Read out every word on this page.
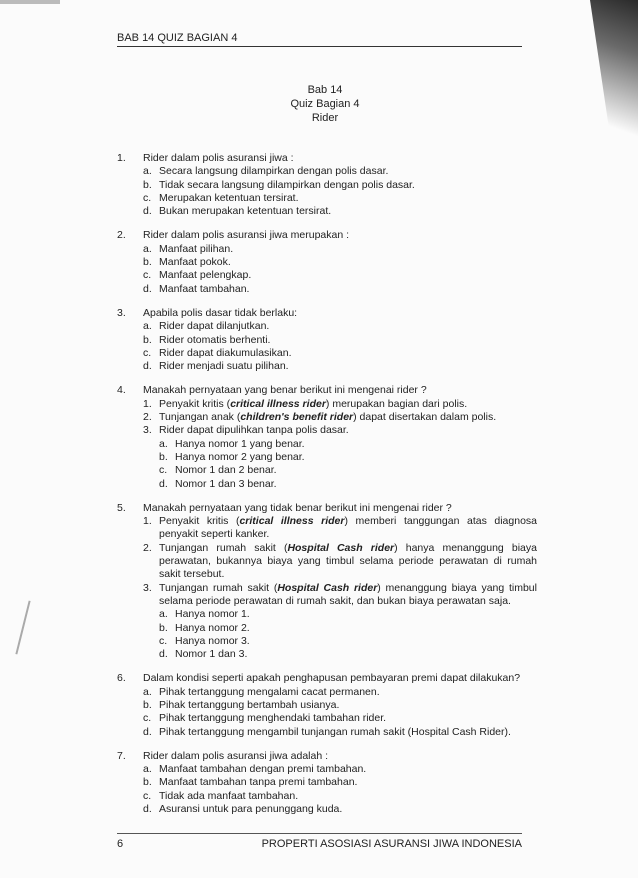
BAB 14 QUIZ BAGIAN 4
Bab 14
Quiz Bagian 4
Rider
1. Rider dalam polis asuransi jiwa :
a. Secara langsung dilampirkan dengan polis dasar.
b. Tidak secara langsung dilampirkan dengan polis dasar.
c. Merupakan ketentuan tersirat.
d. Bukan merupakan ketentuan tersirat.
2. Rider dalam polis asuransi jiwa merupakan :
a. Manfaat pilihan.
b. Manfaat pokok.
c. Manfaat pelengkap.
d. Manfaat tambahan.
3. Apabila polis dasar tidak berlaku:
a. Rider dapat dilanjutkan.
b. Rider otomatis berhenti.
c. Rider dapat diakumulasikan.
d. Rider menjadi suatu pilihan.
4. Manakah pernyataan yang benar berikut ini mengenai rider ?
1. Penyakit kritis (critical illness rider) merupakan bagian dari polis.
2. Tunjangan anak (children's benefit rider) dapat disertakan dalam polis.
3. Rider dapat dipulihkan tanpa polis dasar.
a. Hanya nomor 1 yang benar.
b. Hanya nomor 2 yang benar.
c. Nomor 1 dan 2 benar.
d. Nomor 1 dan 3 benar.
5. Manakah pernyataan yang tidak benar berikut ini mengenai rider ?
1. Penyakit kritis (critical illness rider) memberi tanggungan atas diagnosa penyakit seperti kanker.
2. Tunjangan rumah sakit (Hospital Cash rider) hanya menanggung biaya perawatan, bukannya biaya yang timbul selama periode perawatan di rumah sakit tersebut.
3. Tunjangan rumah sakit (Hospital Cash rider) menanggung biaya yang timbul selama periode perawatan di rumah sakit, dan bukan biaya perawatan saja.
a. Hanya nomor 1.
b. Hanya nomor 2.
c. Hanya nomor 3.
d. Nomor 1 dan 3.
6. Dalam kondisi seperti apakah penghapusan pembayaran premi dapat dilakukan?
a. Pihak tertanggung mengalami cacat permanen.
b. Pihak tertanggung bertambah usianya.
c. Pihak tertanggung menghendaki tambahan rider.
d. Pihak tertanggung mengambil tunjangan rumah sakit (Hospital Cash Rider).
7. Rider dalam polis asuransi jiwa adalah :
a. Manfaat tambahan dengan premi tambahan.
b. Manfaat tambahan tanpa premi tambahan.
c. Tidak ada manfaat tambahan.
d. Asuransi untuk para penunggang kuda.
6	PROPERTI ASOSIASI ASURANSI JIWA INDONESIA
